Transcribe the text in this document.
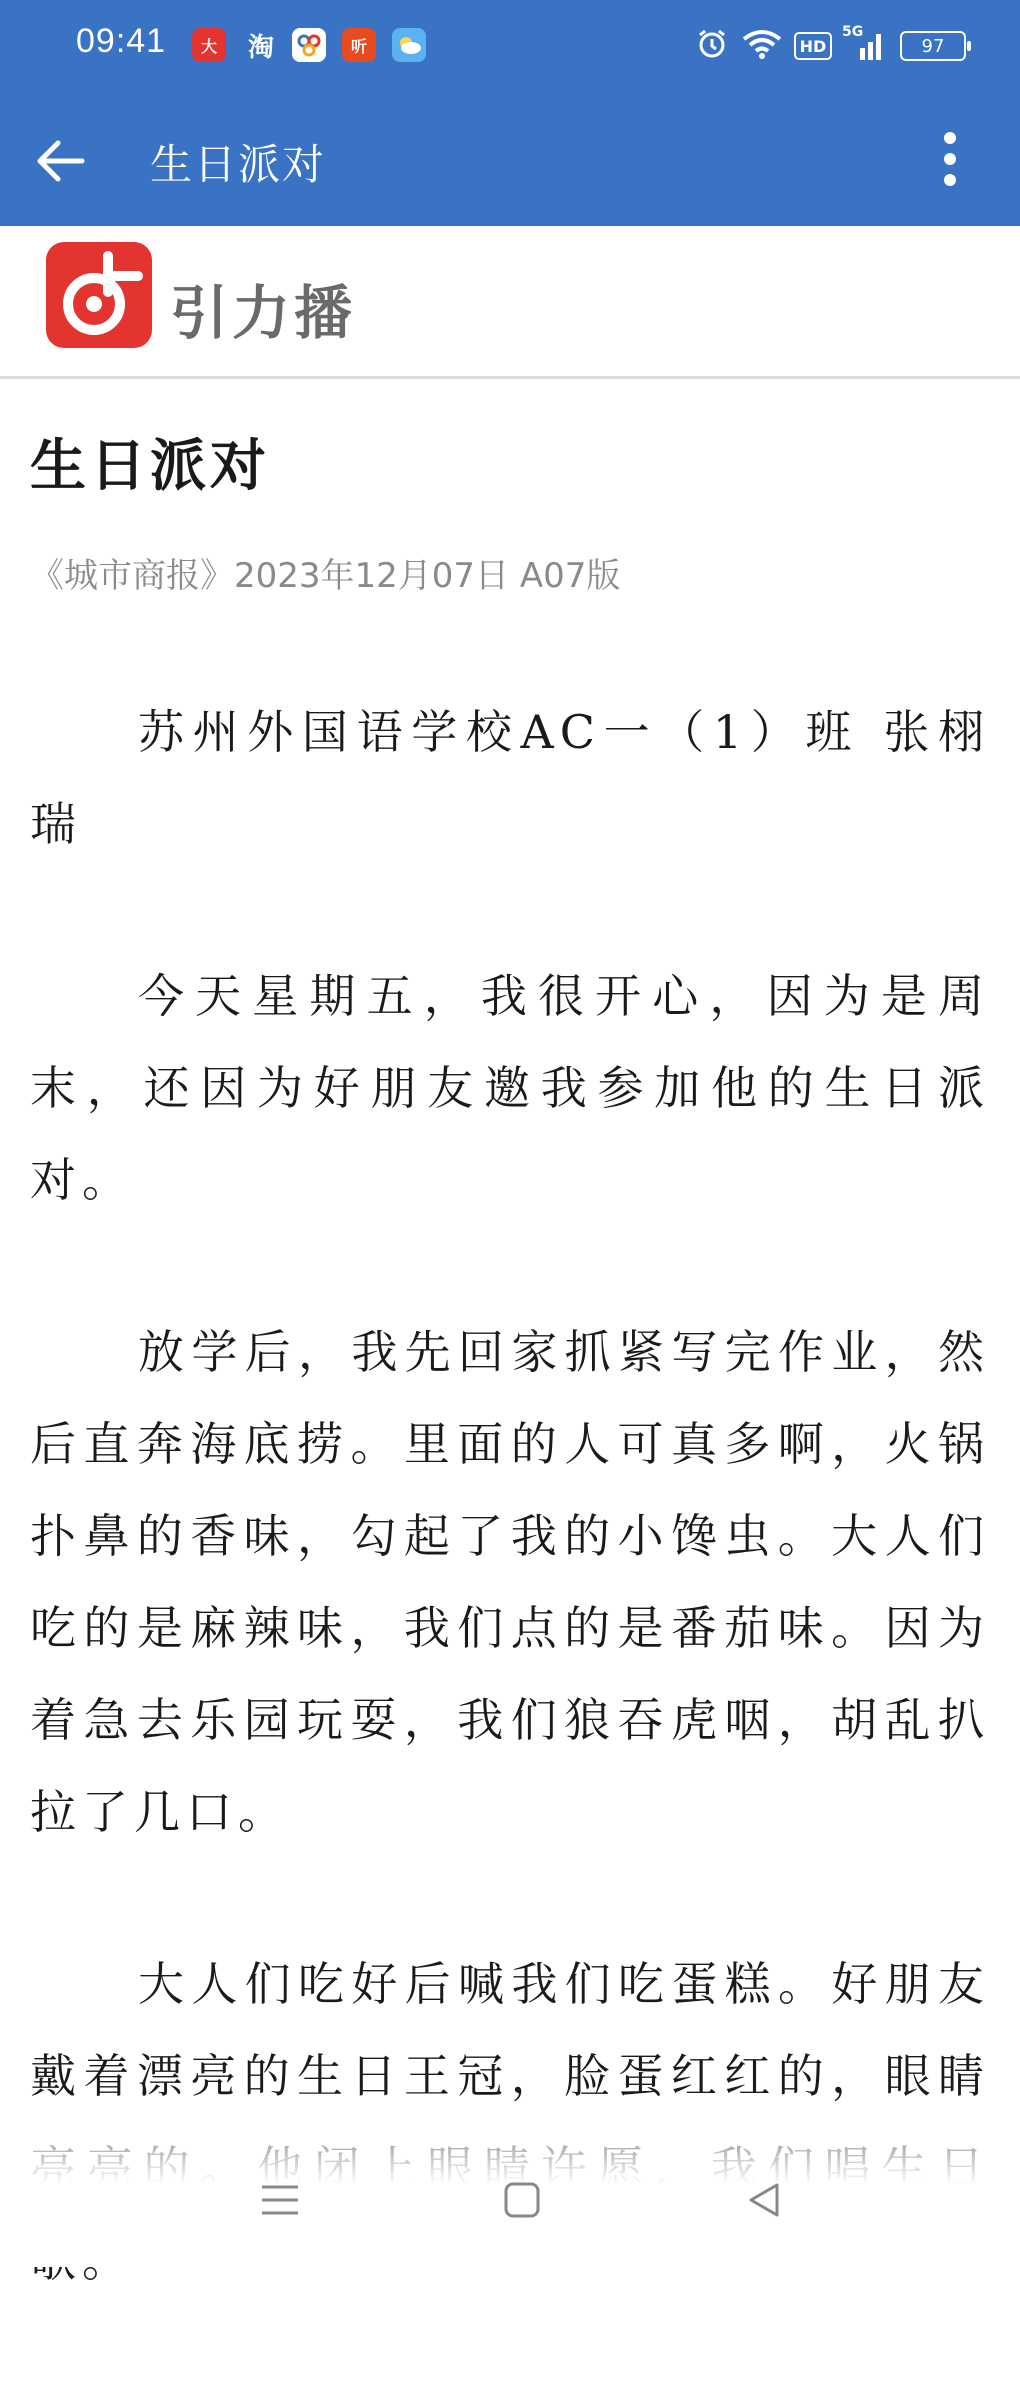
09:41	大	淘	听	HD
5G
97
生日派对
引力播
生日派对
《城市商报》2023年12月07日 A07版

苏州外国语学校AC一（1）班 张栩瑞

今天星期五，我很开心，因为是周末，还因为好朋友邀我参加他的生日派对。

放学后，我先回家抓紧写完作业，然后直奔海底捞。里面的人可真多啊，火锅扑鼻的香味，勾起了我的小馋虫。大人们吃的是麻辣味，我们点的是番茄味。因为着急去乐园玩耍，我们狼吞虎咽，胡乱扒拉了几口。

大人们吃好后喊我们吃蛋糕。好朋友戴着漂亮的生日王冠，脸蛋红红的，眼睛
